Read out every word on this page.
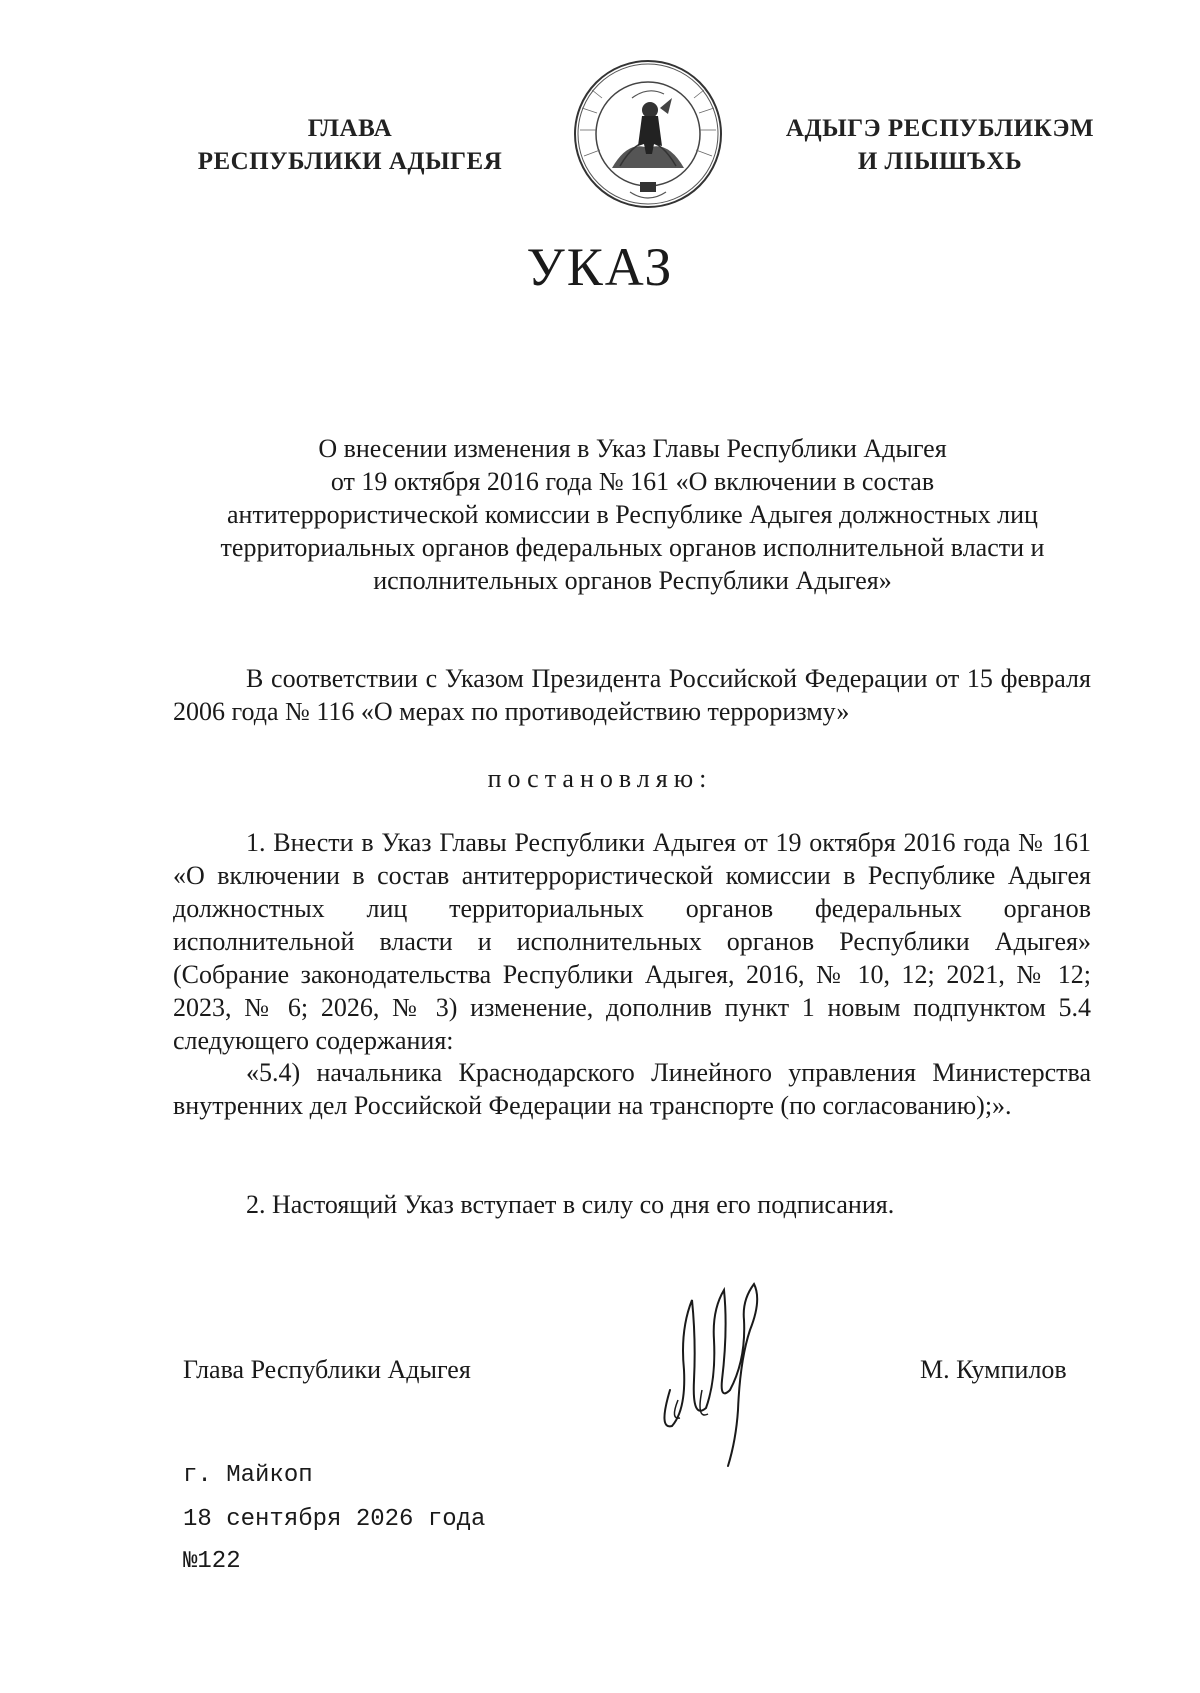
ГЛАВА
РЕСПУБЛИКИ АДЫГЕЯ
АДЫГЭ РЕСПУБЛИКЭМ
И ЛІЫШЪХЬ
УКАЗ
О внесении изменения в Указ Главы Республики Адыгея
от 19 октября 2016 года № 161 «О включении в состав
антитеррористической комиссии в Республике Адыгея должностных лиц
территориальных органов федеральных органов исполнительной власти и
исполнительных органов Республики Адыгея»
В соответствии с Указом Президента Российской Федерации от 15 февраля 2006 года № 116 «О мерах по противодействию терроризму»
постановляю:
1. Внести в Указ Главы Республики Адыгея от 19 октября 2016 года № 161 «О включении в состав антитеррористической комиссии в Республике Адыгея должностных лиц территориальных органов федеральных органов исполнительной власти и исполнительных органов Республики Адыгея» (Собрание законодательства Республики Адыгея, 2016, № 10, 12; 2021, № 12; 2023, № 6; 2026, № 3) изменение, дополнив пункт 1 новым подпунктом 5.4 следующего содержания:
«5.4) начальника Краснодарского Линейного управления Министерства внутренних дел Российской Федерации на транспорте (по согласованию);».
2. Настоящий Указ вступает в силу со дня его подписания.
Глава Республики Адыгея	М. Кумпилов
г. Майкоп
18 сентября 2026 года
№122
